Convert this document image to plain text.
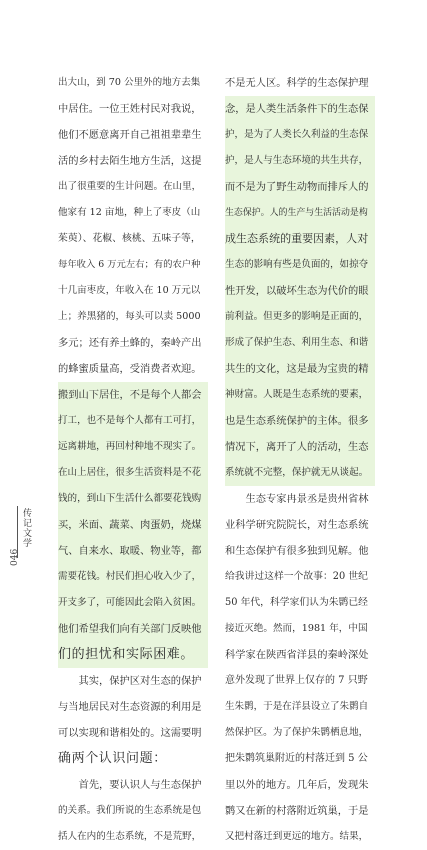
传记文学
046
出大山，到 70 公里外的地方去集
中居住。一位王姓村民对我说，
他们不愿意离开自己祖祖辈辈生
活的乡村去陌生地方生活，这提
出了很重要的生计问题。在山里，
他家有 12 亩地，种上了枣皮（山
茱萸）、花椒、核桃、五味子等，
每年收入 6 万元左右；有的农户种
十几亩枣皮，年收入在 10 万元以
上；养黑猪的，每头可以卖 5000
多元；还有养土蜂的，秦岭产出
的蜂蜜质量高，受消费者欢迎。
搬到山下居住，不是每个人都会
打工，也不是每个人都有工可打，
远离耕地，再回村种地不现实了。
在山上居住，很多生活资料是不花
钱的，到山下生活什么都要花钱购
买，米面、蔬菜、肉蛋奶，烧煤
气、自来水、取暖、物业等，都
需要花钱。村民们担心收入少了，
开支多了，可能因此会陷入贫困。
他们希望我们向有关部门反映他
们的担忧和实际困难。
　　其实，保护区对生态的保护
与当地居民对生态资源的利用是
可以实现和谐相处的。这需要明
确两个认识问题：
　　首先，要认识人与生态保护
的关系。我们所说的生态系统是包
括人在内的生态系统，不是荒野，
不是无人区。科学的生态保护理
念，是人类生活条件下的生态保
护，是为了人类长久利益的生态保
护，是人与生态环境的共生共存，
而不是为了野生动物而排斥人的
生态保护。人的生产与生活活动是构
成生态系统的重要因素，人对
生态的影响有些是负面的，如掠夺
性开发，以破坏生态为代价的眼
前利益。但更多的影响是正面的，
形成了保护生态、利用生态、和谐
共生的文化，这是最为宝贵的精
神财富。人既是生态系统的要素，
也是生态系统保护的主体。很多
情况下，离开了人的活动，生态
系统就不完整，保护就无从谈起。
　　生态专家冉景丞是贵州省林
业科学研究院院长，对生态系统
和生态保护有很多独到见解。他
给我讲过这样一个故事：20 世纪
50 年代，科学家们认为朱鹮已经
接近灭绝。然而，1981 年，中国
科学家在陕西省洋县的秦岭深处
意外发现了世界上仅存的 7 只野
生朱鹮，于是在洋县设立了朱鹮自
然保护区。为了保护朱鹮栖息地，
把朱鹮筑巢附近的村落迁到 5 公
里以外的地方。几年后，发现朱
鹮又在新的村落附近筑巢，于是
又把村落迁到更远的地方。结果，
